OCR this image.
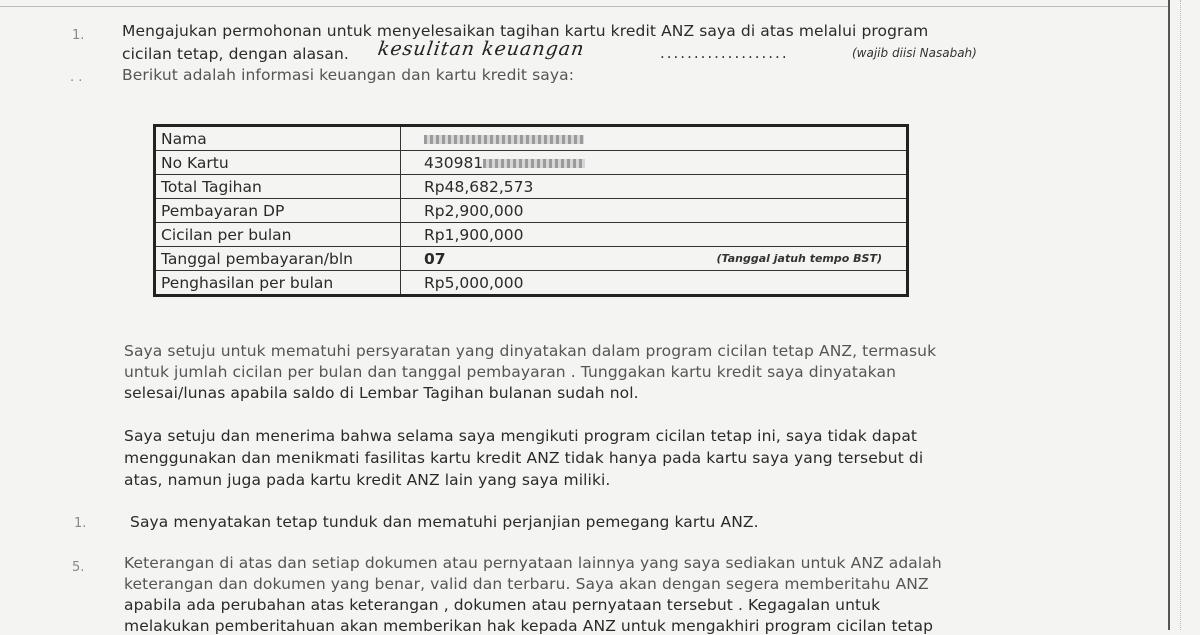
1. Mengajukan permohonan untuk menyelesaikan tagihan kartu kredit ANZ saya di atas melalui program
cicilan tetap, dengan alasan. kesulitan keuangan	...................	(wajib diisi Nasabah)
. .	Berikut adalah informasi keuangan dan kartu kredit saya:
Nama	
No Kartu	430981
Total Tagihan	Rp48,682,573
Pembayaran DP	Rp2,900,000
Cicilan per bulan	Rp1,900,000
Tanggal pembayaran/bln	07 (Tanggal jatuh tempo BST)

Penghasilan per bulan	Rp5,000,000
Saya setuju untuk mematuhi persyaratan yang dinyatakan dalam program cicilan tetap ANZ, termasuk
untuk jumlah cicilan per bulan dan tanggal pembayaran . Tunggakan kartu kredit saya dinyatakan
selesai/lunas apabila saldo di Lembar Tagihan bulanan sudah nol.
Saya setuju dan menerima bahwa selama saya mengikuti program cicilan tetap ini, saya tidak dapat
menggunakan dan menikmati fasilitas kartu kredit ANZ tidak hanya pada kartu saya yang tersebut di
atas, namun juga pada kartu kredit ANZ lain yang saya miliki.
1.	Saya menyatakan tetap tunduk dan mematuhi perjanjian pemegang kartu ANZ.
5.	Keterangan di atas dan setiap dokumen atau pernyataan lainnya yang saya sediakan untuk ANZ adalah
keterangan dan dokumen yang benar, valid dan terbaru. Saya akan dengan segera memberitahu ANZ
apabila ada perubahan atas keterangan , dokumen atau pernyataan tersebut . Kegagalan untuk
melakukan pemberitahuan akan memberikan hak kepada ANZ untuk mengakhiri program cicilan tetap
